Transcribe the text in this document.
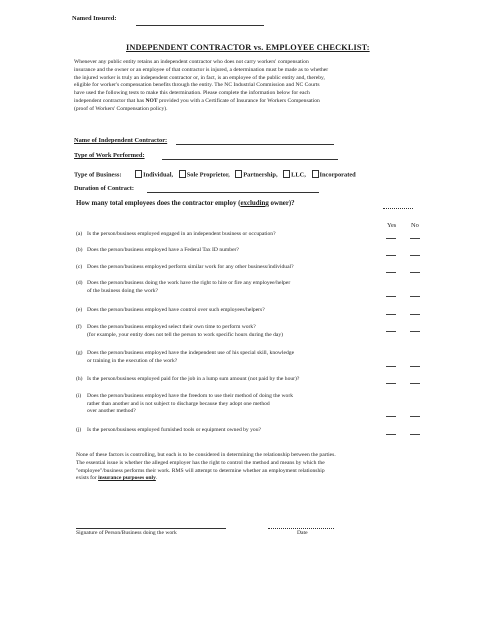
Named Insured:
INDEPENDENT CONTRACTOR vs. EMPLOYEE CHECKLIST:
Whenever any public entity retains an independent contractor who does not carry workers' compensation
insurance and the owner or an employee of that contractor is injured, a determination must be made as to whether
the injured worker is truly an independent contractor or, in fact, is an employee of the public entity and, thereby,
eligible for worker's compensation benefits through the entity. The NC Industrial Commission and NC Courts
have used the following tests to make this determination. Please complete the information below for each
independent contractor that has NOT provided you with a Certificate of Insurance for Workers Compensation
(proof of Workers' Compensation policy).
Name of Independent Contractor:
Type of Work Performed:
Type of Business:	Individual, Sole Proprietor, Partnership, LLC, Incorporated
Duration of Contract:
How many total employees does the contractor employ (excluding owner)?
Yes No
(a) Is the person/business employed engaged in an independent business or occupation?
(b) Does the person/business employed have a Federal Tax ID number?
(c) Does the person/business employed perform similar work for any other business/individual?
(d) Does the person/business doing the work have the right to hire or fire any employee/helper
of the business doing the work?
(e) Does the person/business employed have control over such employees/helpers?
(f) Does the person/business employed select their own time to perform work?
(for example, your entity does not tell the person to work specific hours during the day)
(g) Does the person/business employed have the independent use of his special skill, knowledge
or training in the execution of the work?
(h) Is the person/business employed paid for the job in a lump sum amount (not paid by the hour)?
(i) Does the person/business employed have the freedom to use their method of doing the work
rather than another and is not subject to discharge because they adopt one method
over another method?
(j) Is the person/business employed furnished tools or equipment owned by you?
None of these factors is controlling, but each is to be considered in determining the relationship between the parties.
The essential issue is whether the alleged employer has the right to control the method and means by which the
"employee"/business performs their work. RMS will attempt to determine whether an employment relationship
exists for insurance purposes only.
Signature of Person/Business doing the work	Date
